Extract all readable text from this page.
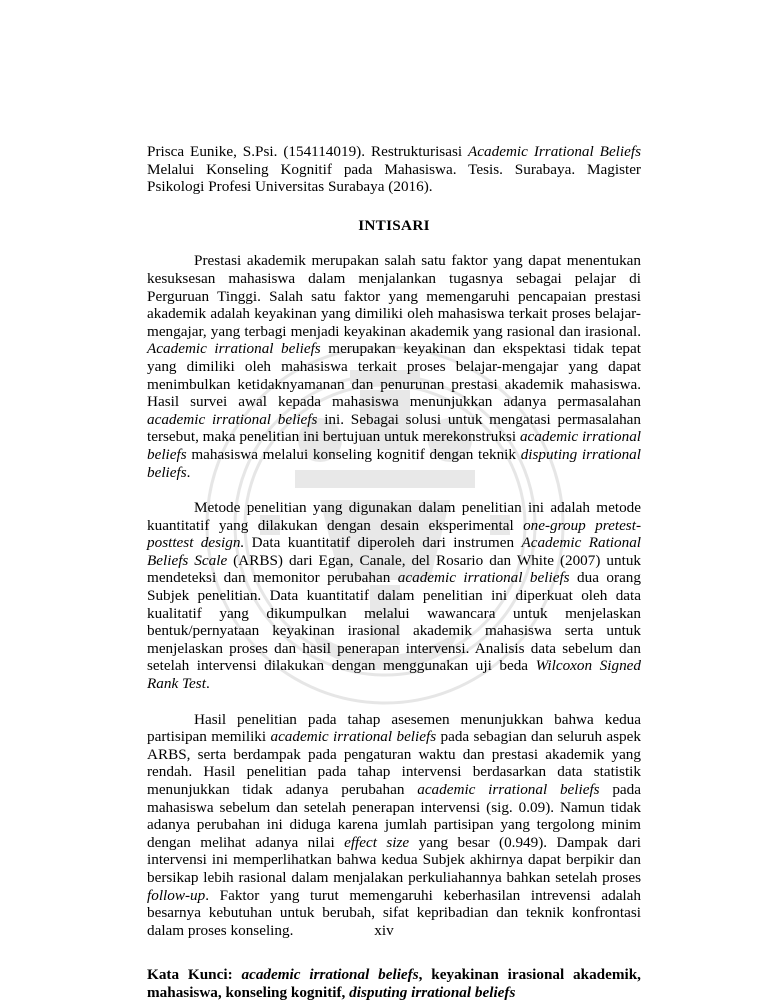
Prisca Eunike, S.Psi. (154114019). Restrukturisasi Academic Irrational Beliefs Melalui Konseling Kognitif pada Mahasiswa. Tesis. Surabaya. Magister Psikologi Profesi Universitas Surabaya (2016).

INTISARI

Prestasi akademik merupakan salah satu faktor yang dapat menentukan kesuksesan mahasiswa dalam menjalankan tugasnya sebagai pelajar di Perguruan Tinggi. Salah satu faktor yang memengaruhi pencapaian prestasi akademik adalah keyakinan yang dimiliki oleh mahasiswa terkait proses belajar-mengajar, yang terbagi menjadi keyakinan akademik yang rasional dan irasional. Academic irrational beliefs merupakan keyakinan dan ekspektasi tidak tepat yang dimiliki oleh mahasiswa terkait proses belajar-mengajar yang dapat menimbulkan ketidaknyamanan dan penurunan prestasi akademik mahasiswa. Hasil survei awal kepada mahasiswa menunjukkan adanya permasalahan academic irrational beliefs ini. Sebagai solusi untuk mengatasi permasalahan tersebut, maka penelitian ini bertujuan untuk merekonstruksi academic irrational beliefs mahasiswa melalui konseling kognitif dengan teknik disputing irrational beliefs.

Metode penelitian yang digunakan dalam penelitian ini adalah metode kuantitatif yang dilakukan dengan desain eksperimental one-group pretest-posttest design. Data kuantitatif diperoleh dari instrumen Academic Rational Beliefs Scale (ARBS) dari Egan, Canale, del Rosario dan White (2007) untuk mendeteksi dan memonitor perubahan academic irrational beliefs dua orang Subjek penelitian. Data kuantitatif dalam penelitian ini diperkuat oleh data kualitatif yang dikumpulkan melalui wawancara untuk menjelaskan bentuk/pernyataan keyakinan irasional akademik mahasiswa serta untuk menjelaskan proses dan hasil penerapan intervensi. Analisis data sebelum dan setelah intervensi dilakukan dengan menggunakan uji beda Wilcoxon Signed Rank Test.

Hasil penelitian pada tahap asesemen menunjukkan bahwa kedua partisipan memiliki academic irrational beliefs pada sebagian dan seluruh aspek ARBS, serta berdampak pada pengaturan waktu dan prestasi akademik yang rendah. Hasil penelitian pada tahap intervensi berdasarkan data statistik menunjukkan tidak adanya perubahan academic irrational beliefs pada mahasiswa sebelum dan setelah penerapan intervensi (sig. 0.09). Namun tidak adanya perubahan ini diduga karena jumlah partisipan yang tergolong minim dengan melihat adanya nilai effect size yang besar (0.949). Dampak dari intervensi ini memperlihatkan bahwa kedua Subjek akhirnya dapat berpikir dan bersikap lebih rasional dalam menjalakan perkuliahannya bahkan setelah proses follow-up. Faktor yang turut memengaruhi keberhasilan intrevensi adalah besarnya kebutuhan untuk berubah, sifat kepribadian dan teknik konfrontasi dalam proses konseling.

Kata Kunci: academic irrational beliefs, keyakinan irasional akademik, mahasiswa, konseling kognitif, disputing irrational beliefs

xiv
